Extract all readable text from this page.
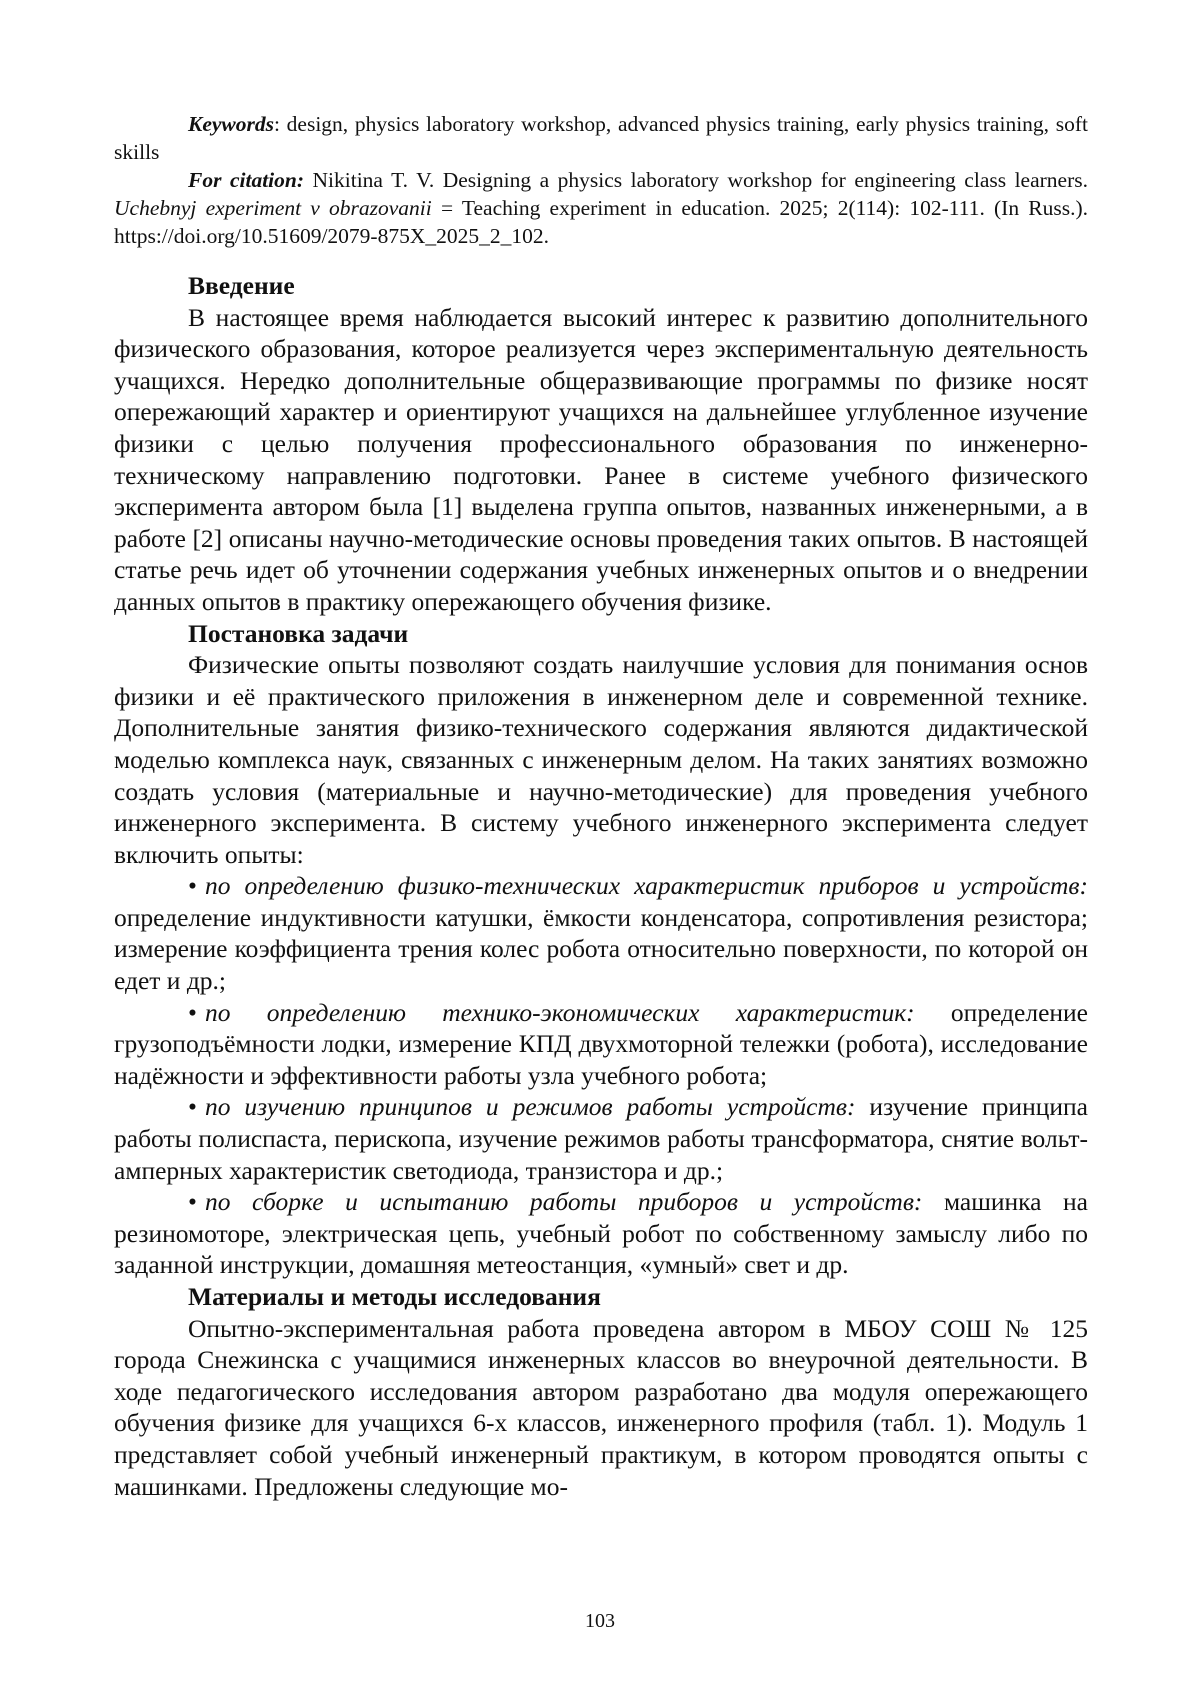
Keywords: design, physics laboratory workshop, advanced physics training, early physics training, soft skills

For citation: Nikitina T. V. Designing a physics laboratory workshop for engineering class learners. Uchebnyj experiment v obrazovanii = Teaching experiment in education. 2025; 2(114): 102-111. (In Russ.). https://doi.org/10.51609/2079-875X_2025_2_102.

Введение

В настоящее время наблюдается высокий интерес к развитию дополнительного физического образования, которое реализуется через экспериментальную деятельность учащихся. Нередко дополнительные общеразвивающие программы по физике носят опережающий характер и ориентируют учащихся на дальнейшее углубленное изучение физики с целью получения профессионального образования по инженерно-техническому направлению подготовки. Ранее в системе учебного физического эксперимента автором была [1] выделена группа опытов, названных инженерными, а в работе [2] описаны научно-методические основы проведения таких опытов. В настоящей статье речь идет об уточнении содержания учебных инженерных опытов и о внедрении данных опытов в практику опережающего обучения физике.

Постановка задачи

Физические опыты позволяют создать наилучшие условия для понимания основ физики и её практического приложения в инженерном деле и современной технике. Дополнительные занятия физико-технического содержания являются дидактической моделью комплекса наук, связанных с инженерным делом. На таких занятиях возможно создать условия (материальные и научно-методические) для проведения учебного инженерного эксперимента. В систему учебного инженерного эксперимента следует включить опыты:

• по определению физико-технических характеристик приборов и устройств: определение индуктивности катушки, ёмкости конденсатора, сопротивления резистора; измерение коэффициента трения колес робота относительно поверхности, по которой он едет и др.;

• по определению технико-экономических характеристик: определение грузоподъёмности лодки, измерение КПД двухмоторной тележки (робота), исследование надёжности и эффективности работы узла учебного робота;

• по изучению принципов и режимов работы устройств: изучение принципа работы полиспаста, перископа, изучение режимов работы трансформатора, снятие вольт-амперных характеристик светодиода, транзистора и др.;

• по сборке и испытанию работы приборов и устройств: машинка на резиномоторе, электрическая цепь, учебный робот по собственному замыслу либо по заданной инструкции, домашняя метеостанция, «умный» свет и др.

Материалы и методы исследования

Опытно-экспериментальная работа проведена автором в МБОУ СОШ № 125 города Снежинска с учащимися инженерных классов во внеурочной деятельности. В ходе педагогического исследования автором разработано два модуля опережающего обучения физике для учащихся 6-х классов, инженерного профиля (табл. 1). Модуль 1 представляет собой учебный инженерный практикум, в котором проводятся опыты с машинками. Предложены следующие мо-

103
